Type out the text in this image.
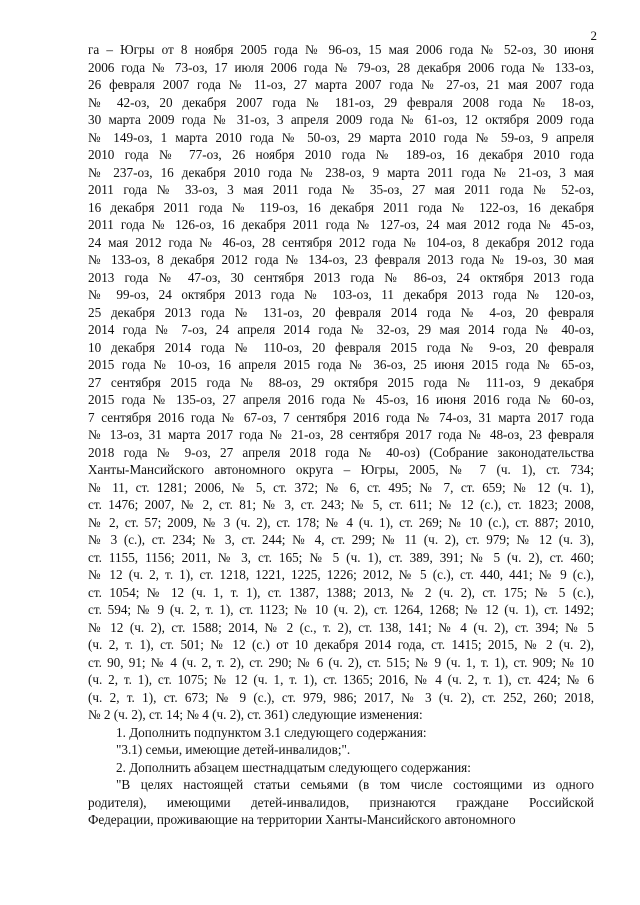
2
га – Югры от 8 ноября 2005 года № 96-оз, 15 мая 2006 года № 52-оз, 30 июня
2006 года № 73-оз, 17 июля 2006 года № 79-оз, 28 декабря 2006 года № 133-оз,
26 февраля 2007 года № 11-оз, 27 марта 2007 года № 27-оз, 21 мая 2007 года
№ 42-оз, 20 декабря 2007 года № 181-оз, 29 февраля 2008 года № 18-оз,
30 марта 2009 года № 31-оз, 3 апреля 2009 года № 61-оз, 12 октября 2009 года
№ 149-оз, 1 марта 2010 года № 50-оз, 29 марта 2010 года № 59-оз, 9 апреля
2010 года № 77-оз, 26 ноября 2010 года № 189-оз, 16 декабря 2010 года
№ 237-оз, 16 декабря 2010 года № 238-оз, 9 марта 2011 года № 21-оз, 3 мая
2011 года № 33-оз, 3 мая 2011 года № 35-оз, 27 мая 2011 года № 52-оз,
16 декабря 2011 года № 119-оз, 16 декабря 2011 года № 122-оз, 16 декабря
2011 года № 126-оз, 16 декабря 2011 года № 127-оз, 24 мая 2012 года № 45-оз,
24 мая 2012 года № 46-оз, 28 сентября 2012 года № 104-оз, 8 декабря 2012 года
№ 133-оз, 8 декабря 2012 года № 134-оз, 23 февраля 2013 года № 19-оз, 30 мая
2013 года № 47-оз, 30 сентября 2013 года № 86-оз, 24 октября 2013 года
№ 99-оз, 24 октября 2013 года № 103-оз, 11 декабря 2013 года № 120-оз,
25 декабря 2013 года № 131-оз, 20 февраля 2014 года № 4-оз, 20 февраля
2014 года № 7-оз, 24 апреля 2014 года № 32-оз, 29 мая 2014 года № 40-оз,
10 декабря 2014 года № 110-оз, 20 февраля 2015 года № 9-оз, 20 февраля
2015 года № 10-оз, 16 апреля 2015 года № 36-оз, 25 июня 2015 года № 65-оз,
27 сентября 2015 года № 88-оз, 29 октября 2015 года № 111-оз, 9 декабря
2015 года № 135-оз, 27 апреля 2016 года № 45-оз, 16 июня 2016 года № 60-оз,
7 сентября 2016 года № 67-оз, 7 сентября 2016 года № 74-оз, 31 марта 2017 года
№ 13-оз, 31 марта 2017 года № 21-оз, 28 сентября 2017 года № 48-оз, 23 февраля
2018 года № 9-оз, 27 апреля 2018 года № 40-оз) (Собрание законодательства
Ханты-Мансийского автономного округа – Югры, 2005, № 7 (ч. 1), ст. 734;
№ 11, ст. 1281; 2006, № 5, ст. 372; № 6, ст. 495; № 7, ст. 659; № 12 (ч. 1),
ст. 1476; 2007, № 2, ст. 81; № 3, ст. 243; № 5, ст. 611; № 12 (с.), ст. 1823; 2008,
№ 2, ст. 57; 2009, № 3 (ч. 2), ст. 178; № 4 (ч. 1), ст. 269; № 10 (с.), ст. 887; 2010,
№ 3 (с.), ст. 234; № 3, ст. 244; № 4, ст. 299; № 11 (ч. 2), ст. 979; № 12 (ч. 3),
ст. 1155, 1156; 2011, № 3, ст. 165; № 5 (ч. 1), ст. 389, 391; № 5 (ч. 2), ст. 460;
№ 12 (ч. 2, т. 1), ст. 1218, 1221, 1225, 1226; 2012, № 5 (с.), ст. 440, 441; № 9 (с.),
ст. 1054; № 12 (ч. 1, т. 1), ст. 1387, 1388; 2013, № 2 (ч. 2), ст. 175; № 5 (с.),
ст. 594; № 9 (ч. 2, т. 1), ст. 1123; № 10 (ч. 2), ст. 1264, 1268; № 12 (ч. 1), ст. 1492;
№ 12 (ч. 2), ст. 1588; 2014, № 2 (с., т. 2), ст. 138, 141; № 4 (ч. 2), ст. 394; № 5
(ч. 2, т. 1), ст. 501; № 12 (с.) от 10 декабря 2014 года, ст. 1415; 2015, № 2 (ч. 2),
ст. 90, 91; № 4 (ч. 2, т. 2), ст. 290; № 6 (ч. 2), ст. 515; № 9 (ч. 1, т. 1), ст. 909; № 10
(ч. 2, т. 1), ст. 1075; № 12 (ч. 1, т. 1), ст. 1365; 2016, № 4 (ч. 2, т. 1), ст. 424; № 6
(ч. 2, т. 1), ст. 673; № 9 (с.), ст. 979, 986; 2017, № 3 (ч. 2), ст. 252, 260; 2018,
№ 2 (ч. 2), ст. 14; № 4 (ч. 2), ст. 361) следующие изменения:
1. Дополнить подпунктом 3.1 следующего содержания:
"3.1) семьи, имеющие детей-инвалидов;".
2. Дополнить абзацем шестнадцатым следующего содержания:
"В целях настоящей статьи семьями (в том числе состоящими из одного
родителя), имеющими детей-инвалидов, признаются граждане Российской
Федерации, проживающие на территории Ханты-Мансийского автономного
